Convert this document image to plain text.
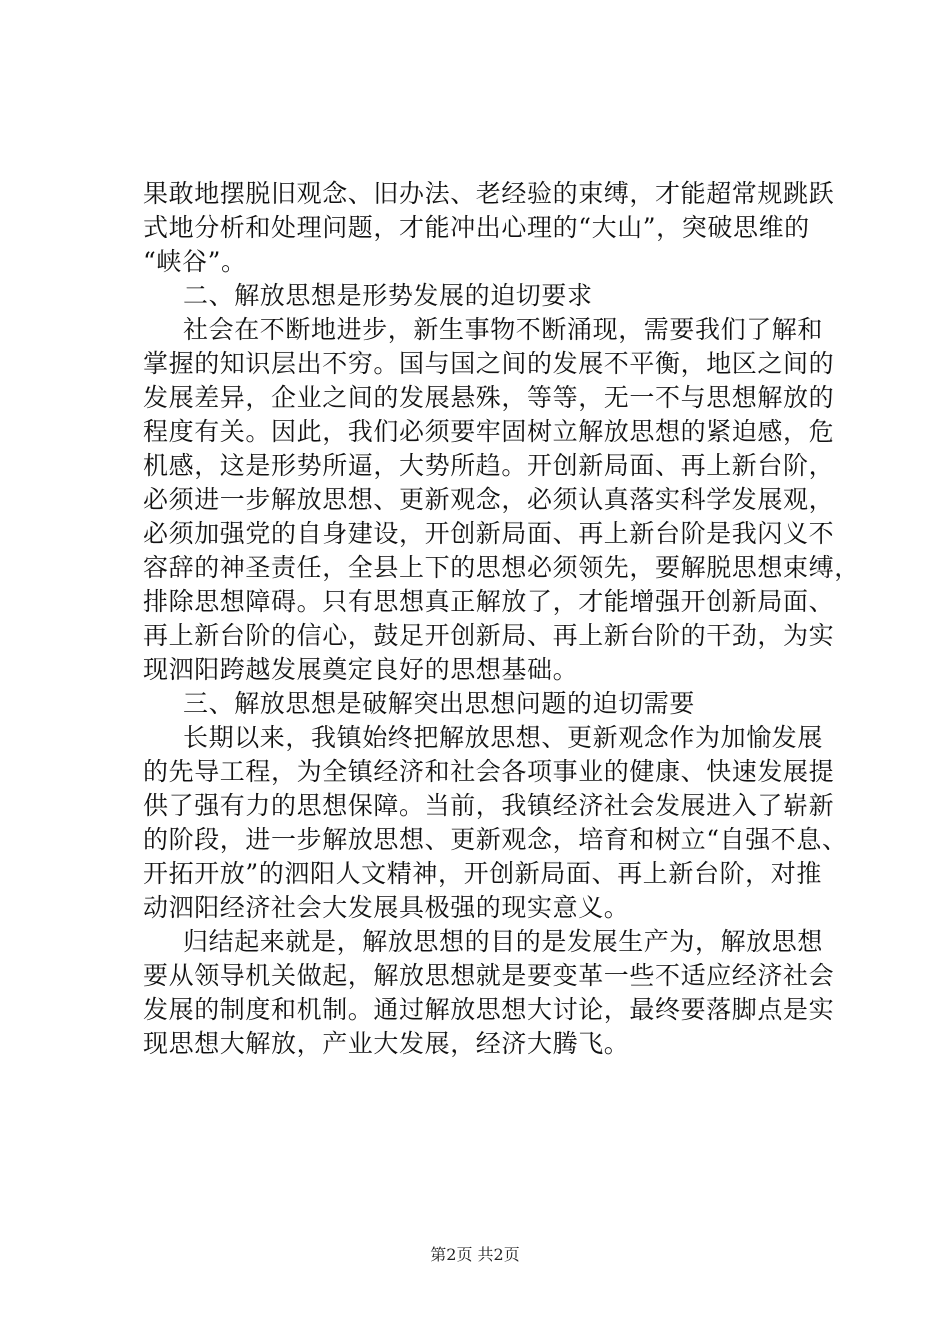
果敢地摆脱旧观念、旧办法、老经验的束缚，才能超常规跳跃
式地分析和处理问题，才能冲出心理的“大山”，突破思维的
“峡谷”。
二、解放思想是形势发展的迫切要求
社会在不断地进步，新生事物不断涌现，需要我们了解和
掌握的知识层出不穷。国与国之间的发展不平衡，地区之间的
发展差异，企业之间的发展悬殊，等等，无一不与思想解放的
程度有关。因此，我们必须要牢固树立解放思想的紧迫感，危
机感，这是形势所逼，大势所趋。开创新局面、再上新台阶，
必须进一步解放思想、更新观念，必须认真落实科学发展观，
必须加强党的自身建设，开创新局面、再上新台阶是我闪义不
容辞的神圣责任，全县上下的思想必须领先，要解脱思想束缚，
排除思想障碍。只有思想真正解放了，才能增强开创新局面、
再上新台阶的信心，鼓足开创新局、再上新台阶的干劲，为实
现泗阳跨越发展奠定良好的思想基础。
三、解放思想是破解突出思想问题的迫切需要
长期以来，我镇始终把解放思想、更新观念作为加愉发展
的先导工程，为全镇经济和社会各项事业的健康、快速发展提
供了强有力的思想保障。当前，我镇经济社会发展进入了崭新
的阶段，进一步解放思想、更新观念，培育和树立“自强不息、
开拓开放”的泗阳人文精神，开创新局面、再上新台阶，对推
动泗阳经济社会大发展具极强的现实意义。
归结起来就是，解放思想的目的是发展生产为，解放思想
要从领导机关做起，解放思想就是要变革一些不适应经济社会
发展的制度和机制。通过解放思想大讨论，最终要落脚点是实
现思想大解放，产业大发展，经济大腾飞。
第2页 共2页
